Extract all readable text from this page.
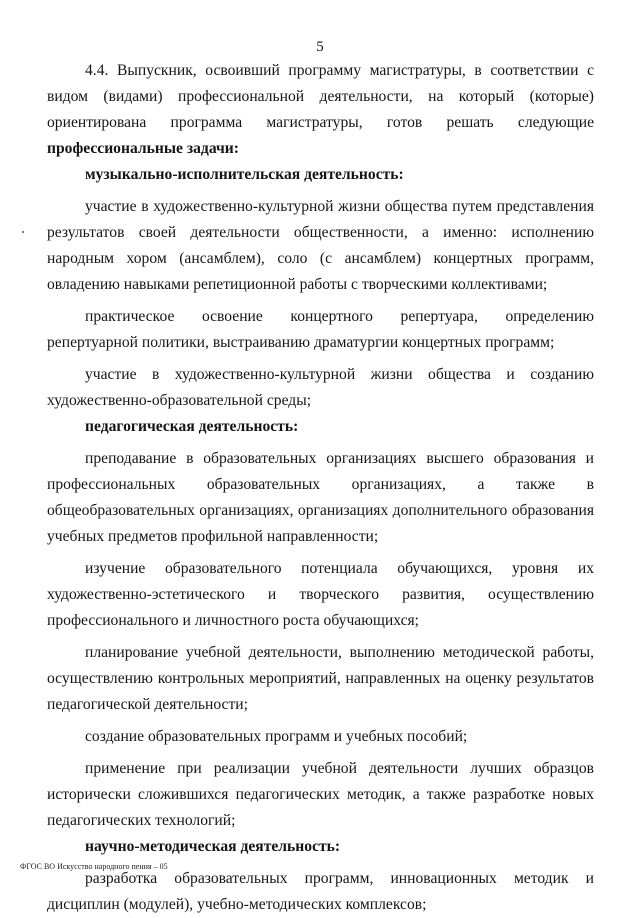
5

4.4. Выпускник, освоивший программу магистратуры, в соответствии с видом (видами) профессиональной деятельности, на который (которые) ориентирована программа магистратуры, готов решать следующие профессиональные задачи:

музыкально-исполнительская деятельность:

участие в художественно-культурной жизни общества путем представления результатов своей деятельности общественности, а именно: исполнению народным хором (ансамблем), соло (с ансамблем) концертных программ, овладению навыками репетиционной работы с творческими коллективами;

практическое освоение концертного репертуара, определению репертуарной политики, выстраиванию драматургии концертных программ;

участие в художественно-культурной жизни общества и созданию художественно-образовательной среды;

педагогическая деятельность:

преподавание в образовательных организациях высшего образования и профессиональных образовательных организациях, а также в общеобразовательных организациях, организациях дополнительного образования учебных предметов профильной направленности;

изучение образовательного потенциала обучающихся, уровня их художественно-эстетического и творческого развития, осуществлению профессионального и личностного роста обучающихся;

планирование учебной деятельности, выполнению методической работы, осуществлению контрольных мероприятий, направленных на оценку результатов педагогической деятельности;

создание образовательных программ и учебных пособий;

применение при реализации учебной деятельности лучших образцов исторически сложившихся педагогических методик, а также разработке новых педагогических технологий;

научно-методическая деятельность:

разработка образовательных программ, инновационных методик и дисциплин (модулей), учебно-методических комплексов;

ФГОС ВО Искусство народного пения – 05
